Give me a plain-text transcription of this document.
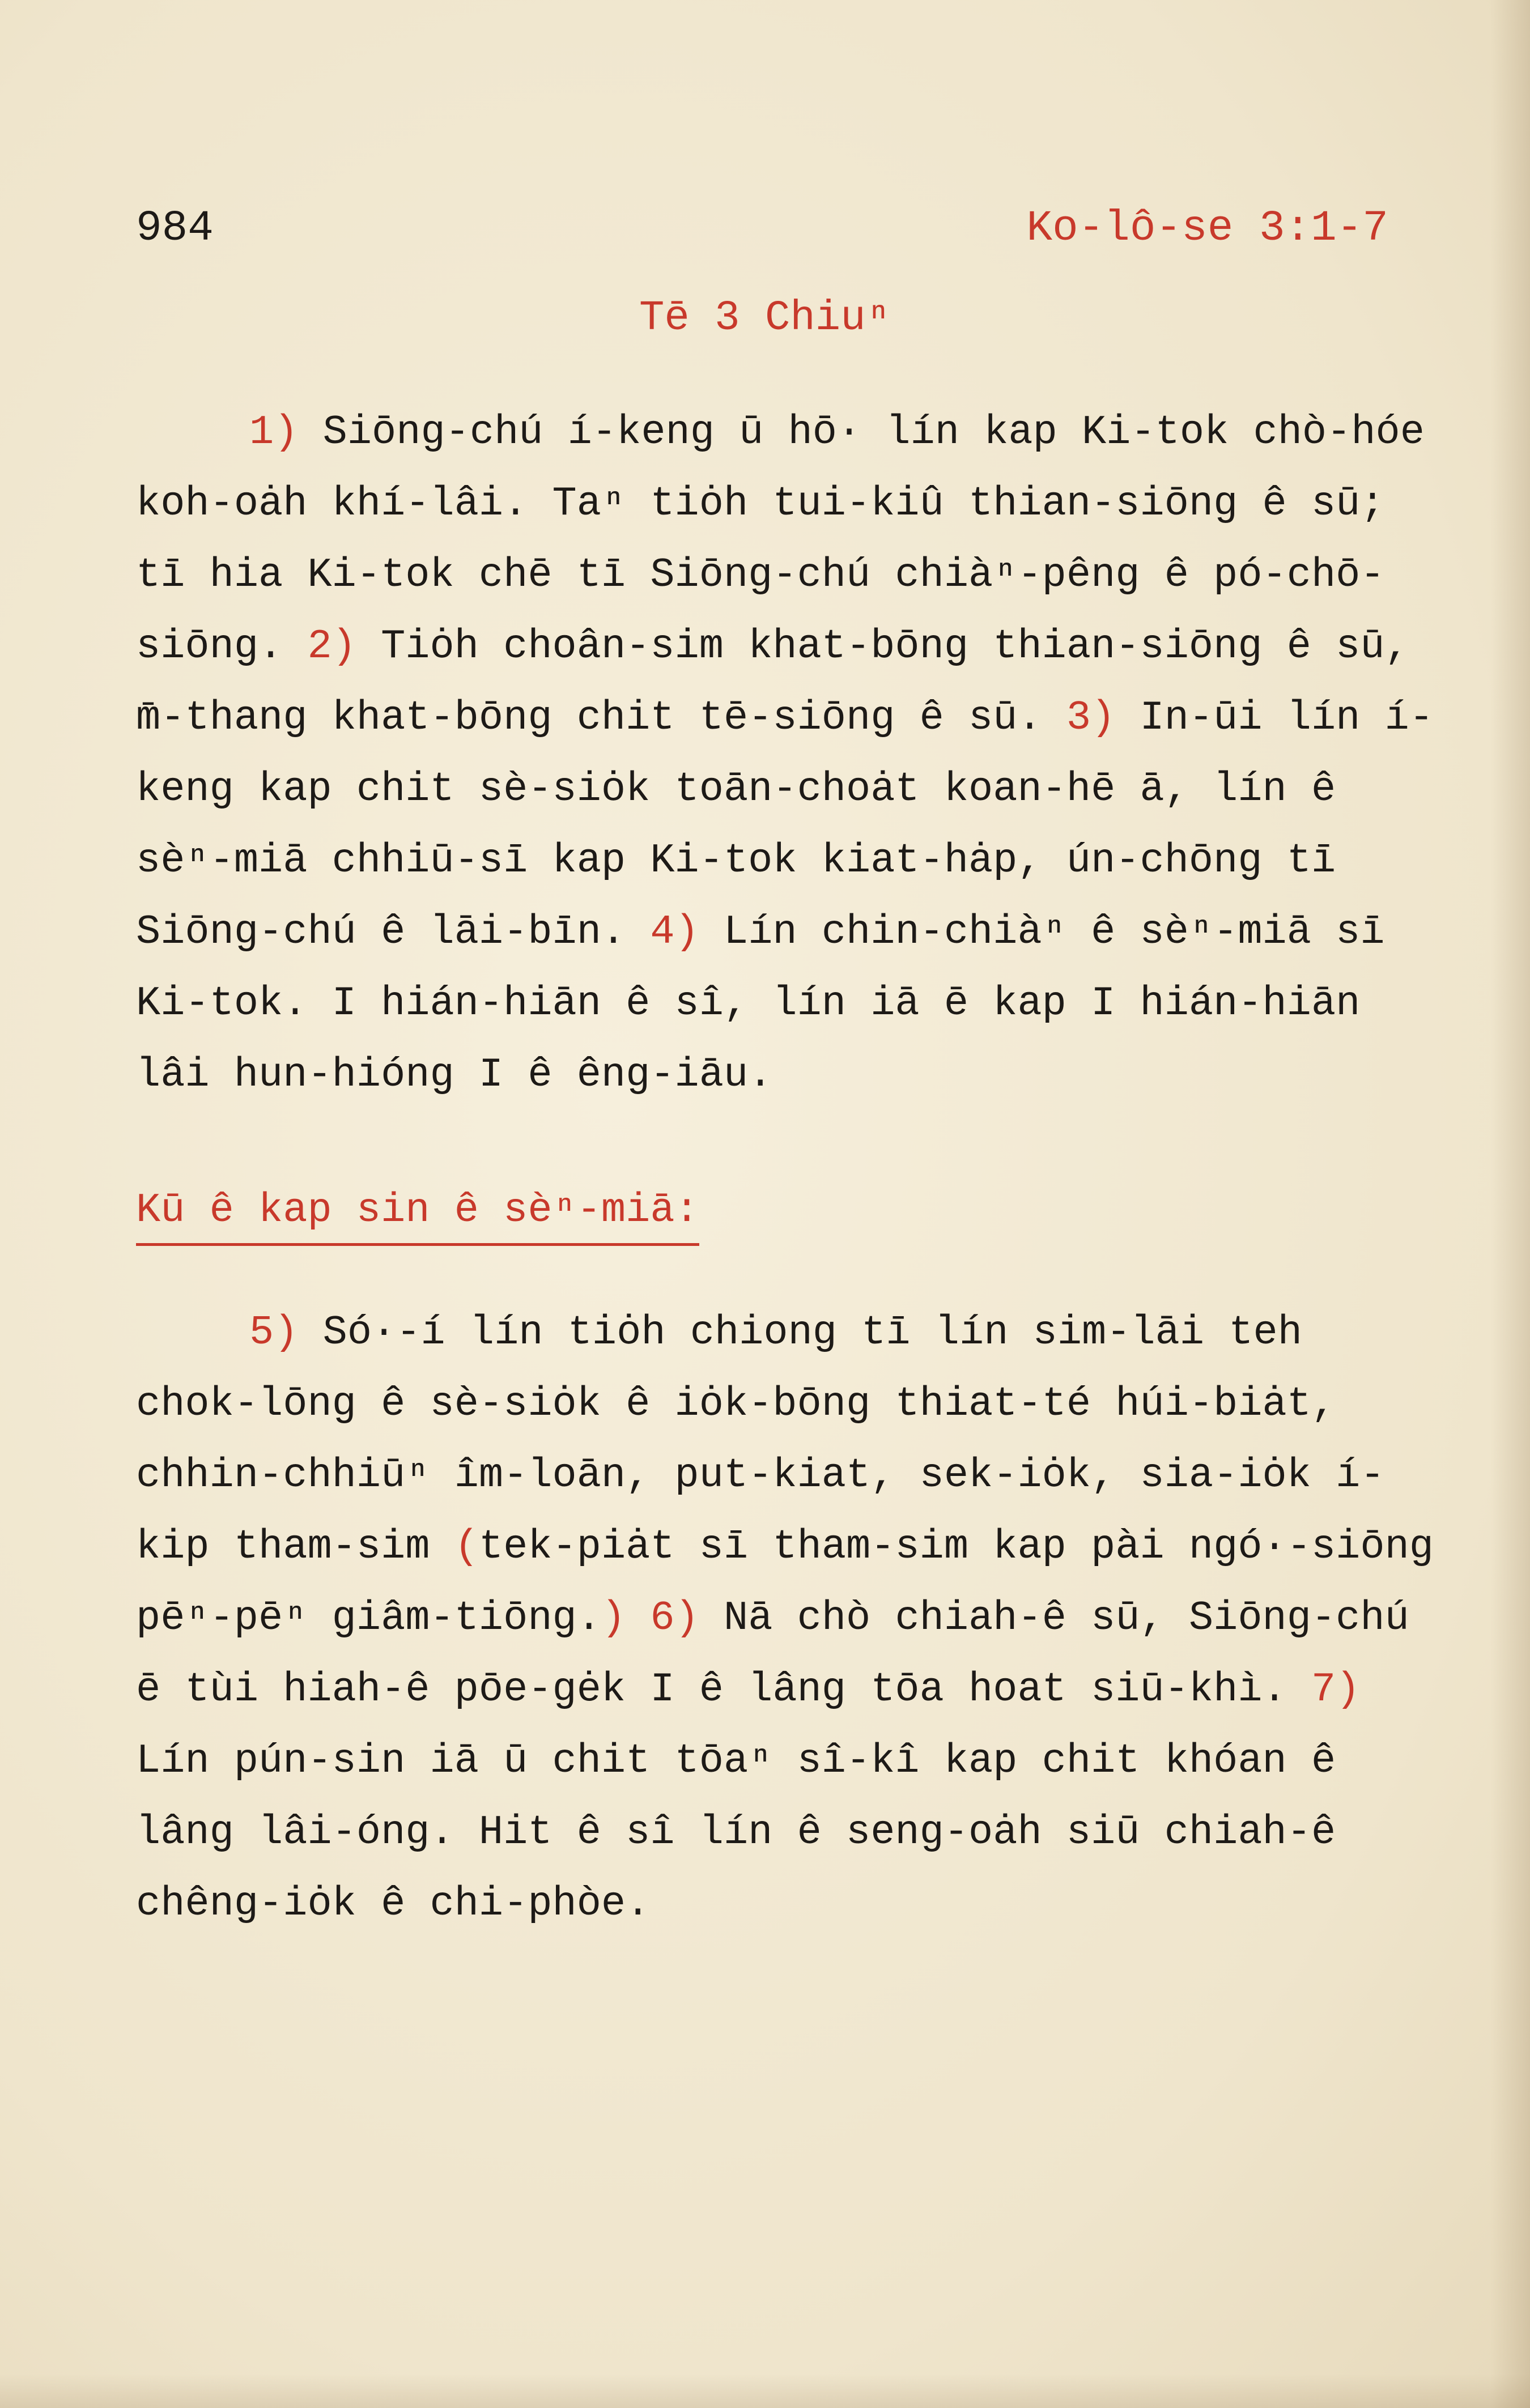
984	Ko-lô-se 3:1-7
Tē 3 Chiuⁿ

1) Siōng-chú í-keng ū hō· lín kap Ki-tok chò-hóe koh-oȧh khí-lâi. Taⁿ tiȯh tui-kiû thian-siōng ê sū; tī hia Ki-tok chē tī Siōng-chú chiàⁿ-pêng ê pó-chō-siōng. 2) Tiȯh choân-sim khat-bōng thian-siōng ê sū, m̄-thang khat-bōng chit tē-siōng ê sū. 3) In-ūi lín í-keng kap chit sè-siȯk toān-choȧt koan-hē ā, lín ê sèⁿ-miā chhiū-sī kap Ki-tok kiat-hȧp, ún-chōng tī Siōng-chú ê lāi-bīn. 4) Lín chin-chiàⁿ ê sèⁿ-miā sī Ki-tok. I hián-hiān ê sî, lín iā ē kap I hián-hiān lâi hun-hióng I ê êng-iāu.

Kū ê kap sin ê sèⁿ-miā:

5) Só·-í lín tiȯh chiong tī lín sim-lāi teh chok-lōng ê sè-siȯk ê iȯk-bōng thiat-té húi-biȧt, chhin-chhiūⁿ îm-loān, put-kiat, sek-iȯk, sia-iȯk í-kip tham-sim (tek-piȧt sī tham-sim kap pài ngó·-siōng pēⁿ-pēⁿ giâm-tiōng.) 6) Nā chò chiah-ê sū, Siōng-chú ē tùi hiah-ê pōe-gėk I ê lâng tōa hoat siū-khì. 7) Lín pún-sin iā ū chit tōaⁿ sî-kî kap chit khóan ê lâng lâi-óng. Hit ê sî lín ê seng-oȧh siū chiah-ê chêng-iȯk ê chi-phòe.
